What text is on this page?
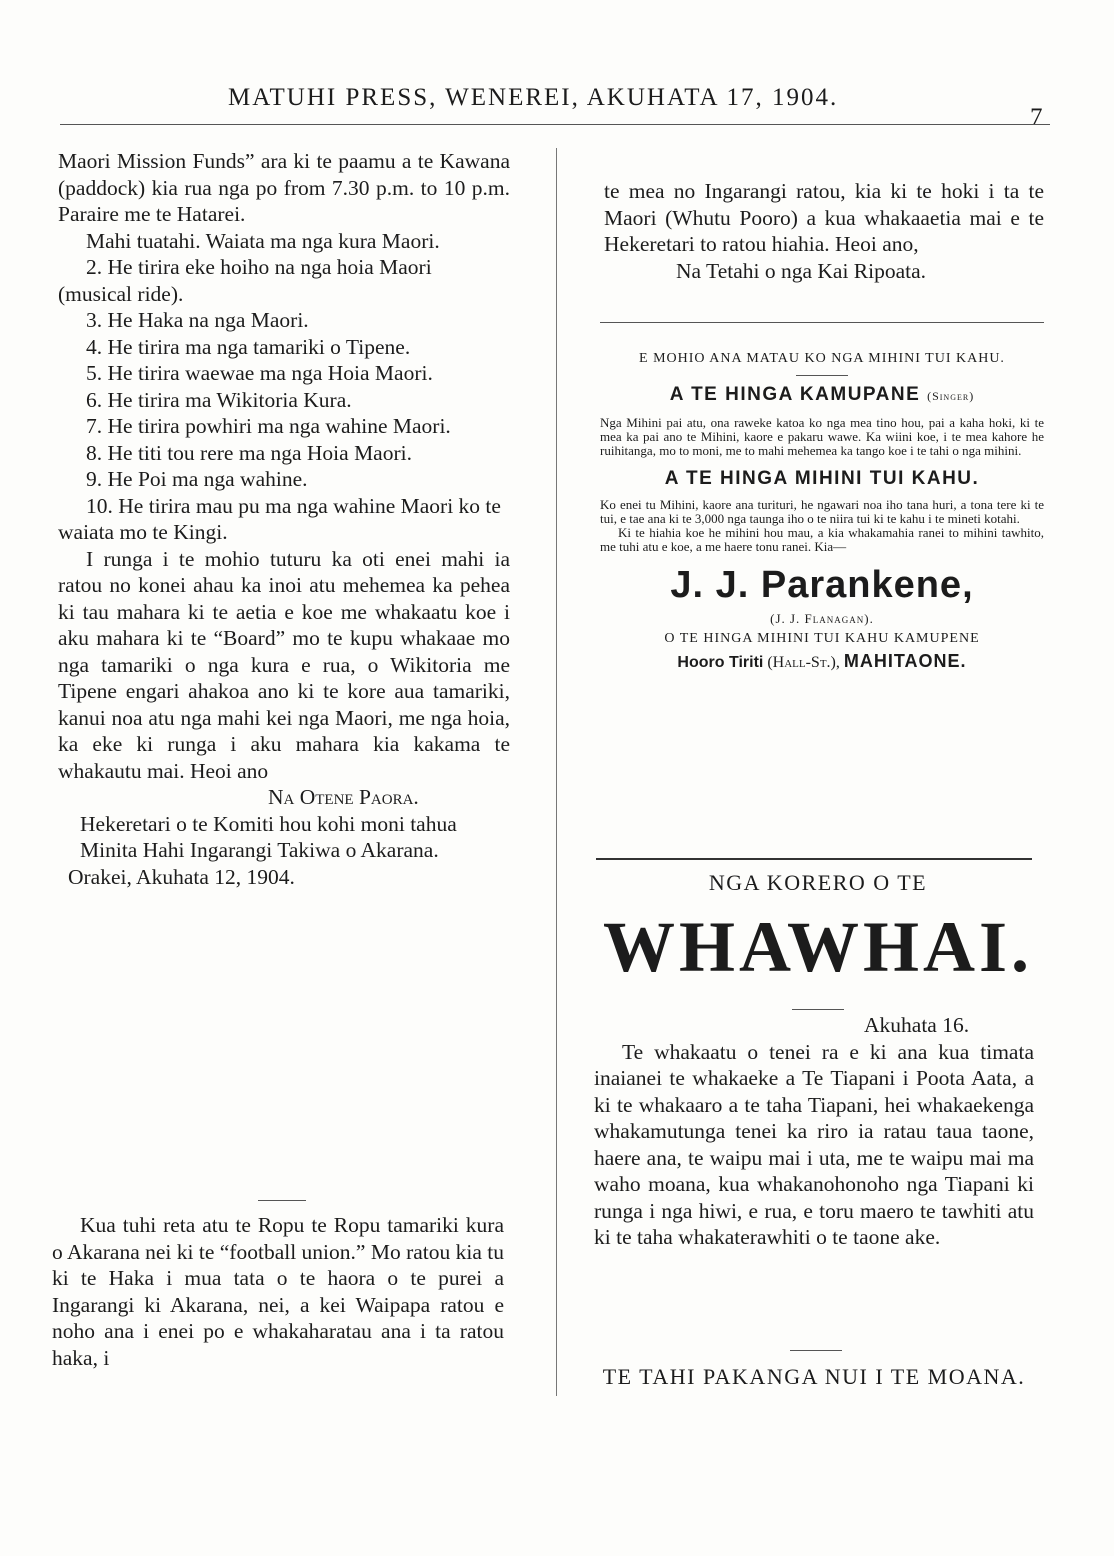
MATUHI PRESS, WENEREI, AKUHATA 17, 1904.
7

Maori Mission Funds” ara ki te paamu a te Kawana (paddock) kia rua nga po from 7.30 p.m. to 10 p.m. Paraire me te Hatarei.

Mahi tuatahi. Waiata ma nga kura Maori.

2. He tirira eke hoiho na nga hoia Maori (musical ride).

3. He Haka na nga Maori.

4. He tirira ma nga tamariki o Tipene.

5. He tirira waewae ma nga Hoia Maori.

6. He tirira ma Wikitoria Kura.

7. He tirira powhiri ma nga wahine Maori.

8. He titi tou rere ma nga Hoia Maori.

9. He Poi ma nga wahine.

10. He tirira mau pu ma nga wahine Maori ko te waiata mo te Kingi.

I runga i te mohio tuturu ka oti enei mahi ia ratou no konei ahau ka inoi atu mehemea ka pehea ki tau mahara ki te aetia e koe me whakaatu koe i aku mahara ki te “Board” mo te kupu whakaae mo nga tamariki o nga kura e rua, o Wikitoria me Tipene engari ahakoa ano ki te kore aua tamariki, kanui noa atu nga mahi kei nga Maori, me nga hoia, ka eke ki runga i aku mahara kia kakama te whakautu mai. Heoi ano

Na Otene Paora.

Hekeretari o te Komiti hou kohi moni tahua Minita Hahi Ingarangi Takiwa o Akarana.

Orakei, Akuhata 12, 1904.

Kua tuhi reta atu te Ropu te Ropu tamariki kura o Akarana nei ki te “football union.” Mo ratou kia tu ki te Haka i mua tata o te haora o te purei a Ingarangi ki Akarana, nei, a kei Waipapa ratou e noho ana i enei po e whakaharatau ana i ta ratou haka, i

te mea no Ingarangi ratou, kia ki te hoki i ta te Maori (Whutu Pooro) a kua whakaaetia mai e te Hekeretari to ratou hiahia. Heoi ano,

Na Tetahi o nga Kai Ripoata.

E MOHIO ANA MATAU KO NGA MIHINI TUI KAHU.
A TE HINGA KAMUPANE (Singer)
Nga Mihini pai atu, ona raweke katoa ko nga mea tino hou, pai a kaha hoki, ki te mea ka pai ano te Mihini, kaore e pakaru wawe. Ka wiini koe, i te mea kahore he ruihitanga, mo to moni, me to mahi mehemea ka tango koe i te tahi o nga mihini.
A TE HINGA MIHINI TUI KAHU.
Ko enei tu Mihini, kaore ana turituri, he ngawari noa iho tana huri, a tona tere ki te tui, e tae ana ki te 3,000 nga taunga iho o te niira tui ki te kahu i te mineti kotahi.
Ki te hiahia koe he mihini hou mau, a kia whakamahia ranei to mihini tawhito, me tuhi atu e koe, a me haere tonu ranei. Kia—
J. J. Parankene,
(J. J. Flanagan).
O TE HINGA MIHINI TUI KAHU KAMUPENE
Hooro Tiriti (Hall-St.), MAHITAONE.
NGA KORERO O TE
WHAWHAI.

Akuhata 16.

Te whakaatu o tenei ra e ki ana kua timata inaianei te whakaeke a Te Tiapani i Poota Aata, a ki te whakaaro a te taha Tiapani, hei whakaekenga whakamutunga tenei ka riro ia ratau taua taone, haere ana, te waipu mai i uta, me te waipu mai ma waho moana, kua whakanohonoho nga Tiapani ki runga i nga hiwi, e rua, e toru maero te tawhiti atu ki te taha whakaterawhiti o te taone ake.

TE TAHI PAKANGA NUI I TE MOANA.
